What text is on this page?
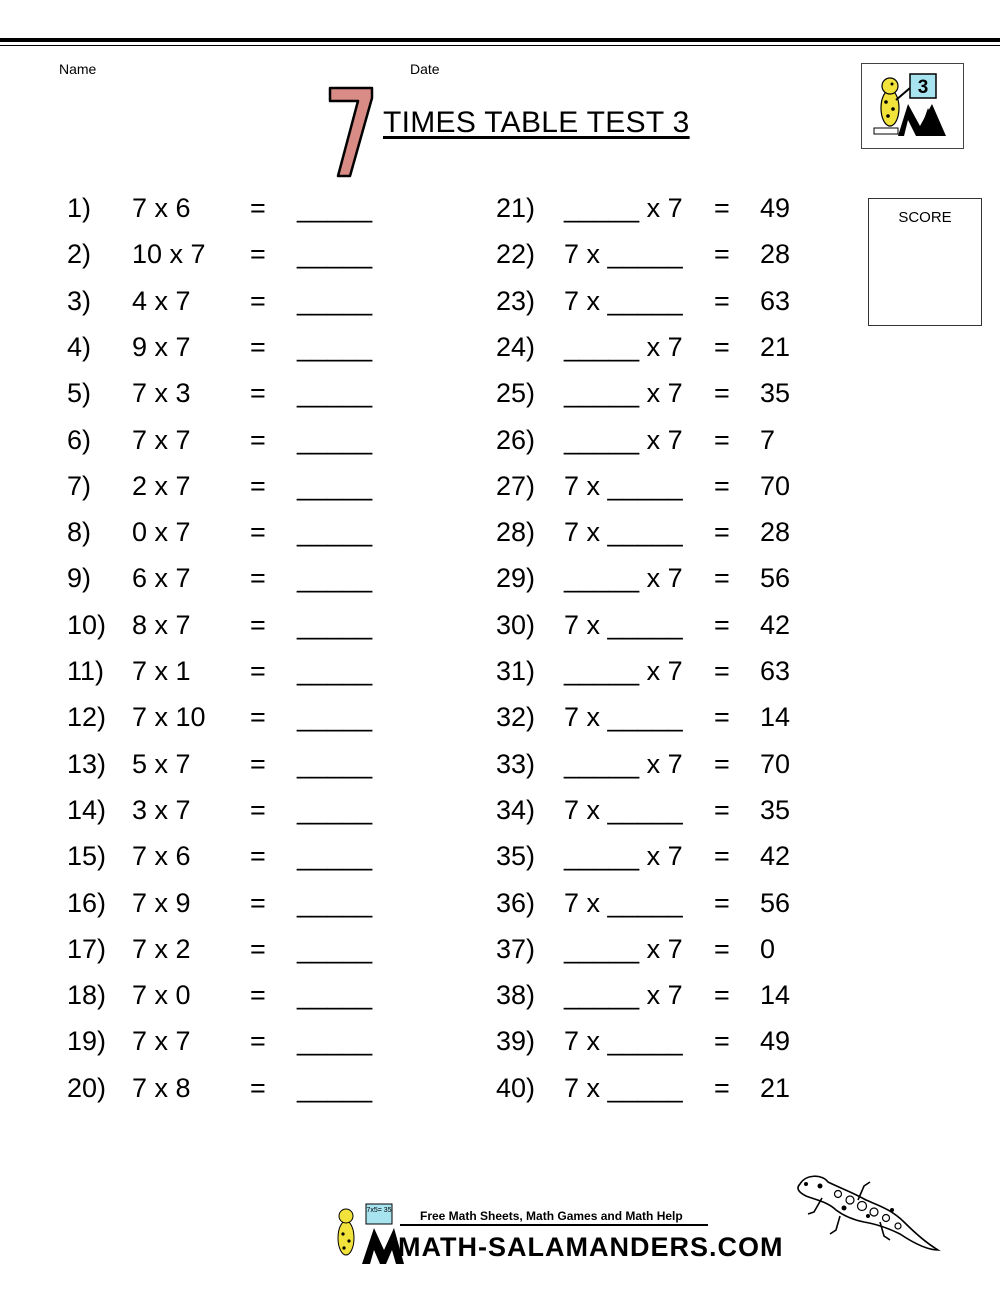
Name	Date
7
TIMES TABLE TEST 3
3
SCORE
1) 7 x 6 = _____
2) 10 x 7 = _____
3) 4 x 7 = _____
4) 9 x 7 = _____
5) 7 x 3 = _____
6) 7 x 7 = _____
7) 2 x 7 = _____
8) 0 x 7 = _____
9) 6 x 7 = _____
10) 8 x 7 = _____
11) 7 x 1 = _____
12) 7 x 10 = _____
13) 5 x 7 = _____
14) 3 x 7 = _____
15) 7 x 6 = _____
16) 7 x 9 = _____
17) 7 x 2 = _____
18) 7 x 0 = _____
19) 7 x 7 = _____
20) 7 x 8 = _____
21) _____ x 7 = 49
22) 7 x _____ = 28
23) 7 x _____ = 63
24) _____ x 7 = 21
25) _____ x 7 = 35
26) _____ x 7 = 7
27) 7 x _____ = 70
28) 7 x _____ = 28
29) _____ x 7 = 56
30) 7 x _____ = 42
31) _____ x 7 = 63
32) 7 x _____ = 14
33) _____ x 7 = 70
34) 7 x _____ = 35
35) _____ x 7 = 42
36) 7 x _____ = 56
37) _____ x 7 = 0
38) _____ x 7 = 14
39) 7 x _____ = 49
40) 7 x _____ = 21
7x5= 35 Free Math Sheets, Math Games and Math Help
MATH-SALAMANDERS.COM
